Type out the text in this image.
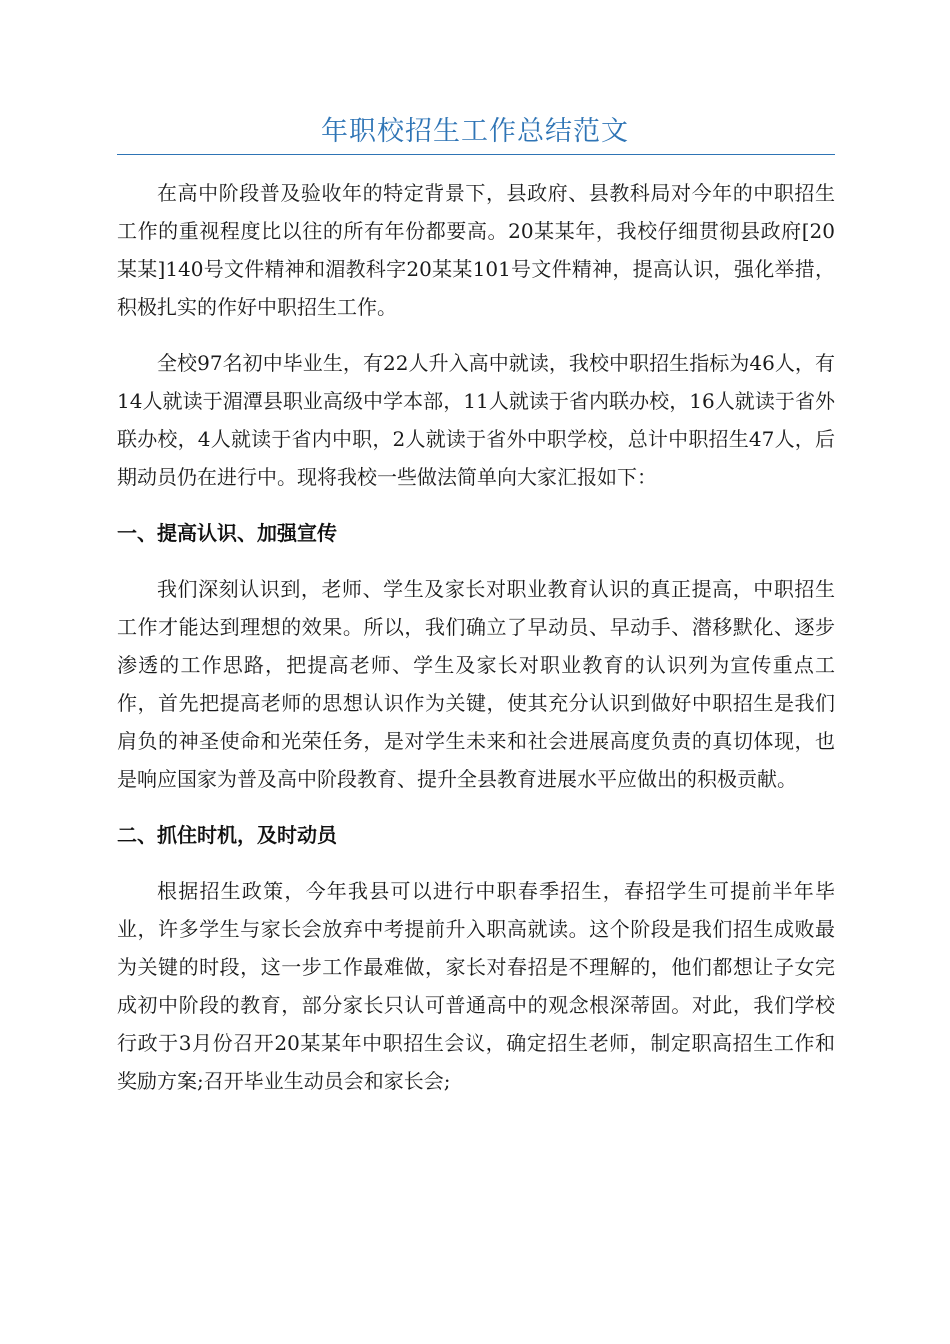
年职校招生工作总结范文

在高中阶段普及验收年的特定背景下，县政府、县教科局对今年的中职招生工作的重视程度比以往的所有年份都要高。20某某年，我校仔细贯彻县政府[20某某]140号文件精神和湄教科字20某某101号文件精神，提高认识，强化举措，积极扎实的作好中职招生工作。

全校97名初中毕业生，有22人升入高中就读，我校中职招生指标为46人，有14人就读于湄潭县职业高级中学本部，11人就读于省内联办校，16人就读于省外联办校，4人就读于省内中职，2人就读于省外中职学校，总计中职招生47人，后期动员仍在进行中。现将我校一些做法简单向大家汇报如下：

一、提高认识、加强宣传

我们深刻认识到，老师、学生及家长对职业教育认识的真正提高，中职招生工作才能达到理想的效果。所以，我们确立了早动员、早动手、潜移默化、逐步渗透的工作思路，把提高老师、学生及家长对职业教育的认识列为宣传重点工作，首先把提高老师的思想认识作为关键，使其充分认识到做好中职招生是我们肩负的神圣使命和光荣任务，是对学生未来和社会进展高度负责的真切体现，也是响应国家为普及高中阶段教育、提升全县教育进展水平应做出的积极贡献。

二、抓住时机，及时动员

根据招生政策，今年我县可以进行中职春季招生，春招学生可提前半年毕业，许多学生与家长会放弃中考提前升入职高就读。这个阶段是我们招生成败最为关键的时段，这一步工作最难做，家长对春招是不理解的，他们都想让子女完成初中阶段的教育，部分家长只认可普通高中的观念根深蒂固。对此，我们学校行政于3月份召开20某某年中职招生会议，确定招生老师，制定职高招生工作和奖励方案;召开毕业生动员会和家长会;
